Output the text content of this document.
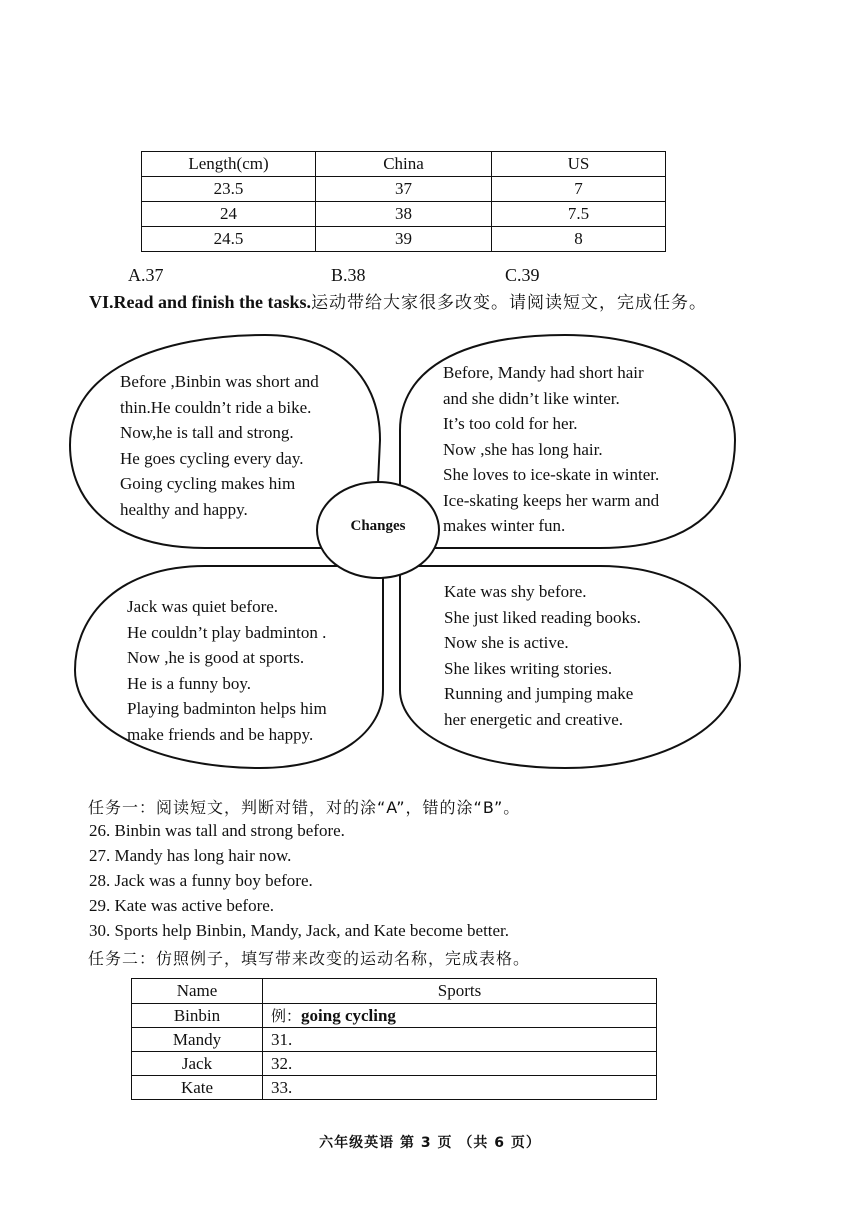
Length(cm)	China	US
23.5	37	7
24	38	7.5
24.5	39	8
A.37	B.38	C.39
VI.Read and finish the tasks.运动带给大家很多改变。请阅读短文，完成任务。
Changes
Before ,Binbin was short and
thin.He couldn’t ride a bike.
Now,he is tall and strong.
He goes cycling every day.
Going cycling makes him
healthy and happy.
Before, Mandy had short hair
and she didn’t like winter.
It’s too cold for her.
Now ,she has long hair.
She loves to ice-skate in winter.
Ice-skating keeps her warm and
makes winter fun.
Jack was quiet before.
He couldn’t play badminton .
Now ,he is good at sports.
He is a funny boy.
Playing badminton helps him
make friends and be happy.
Kate was shy before.
She just liked reading books.
Now she is active.
She likes writing stories.
Running and jumping make
her energetic and creative.
任务一：阅读短文，判断对错，对的涂“A”，错的涂“B”。
26. Binbin was tall and strong before.
27. Mandy has long hair now.
28. Jack was a funny boy before.
29. Kate was active before.
30. Sports help Binbin, Mandy, Jack, and Kate become better.
任务二：仿照例子，填写带来改变的运动名称，完成表格。
Name	Sports
Binbin	例：going cycling
Mandy	31.
Jack	32.
Kate	33.
六年级英语 第 3 页 （共 6 页）
